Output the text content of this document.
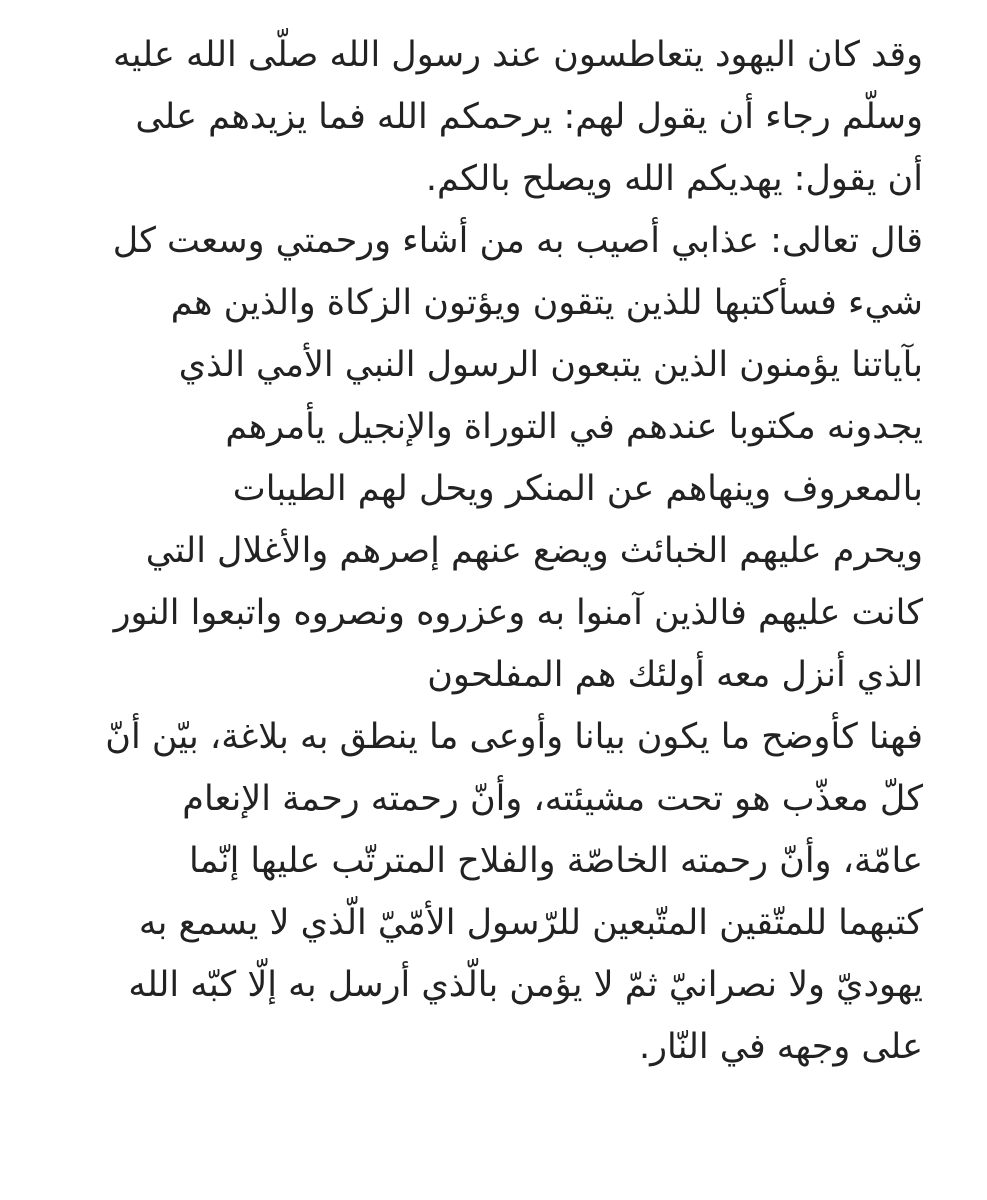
وقد كان اليهود يتعاطسون عند رسول الله صلّى الله عليه
وسلّم رجاء أن يقول لهم: يرحمكم الله فما يزيدهم على
أن يقول: يهديكم الله ويصلح بالكم.
قال تعالى: عذابي أصيب به من أشاء ورحمتي وسعت كل
شيء فسأكتبها للذين يتقون ويؤتون الزكاة والذين هم
بآياتنا يؤمنون الذين يتبعون الرسول النبي الأمي الذي
يجدونه مكتوبا عندهم في التوراة والإنجيل يأمرهم
بالمعروف وينهاهم عن المنكر ويحل لهم الطيبات
ويحرم عليهم الخبائث ويضع عنهم إصرهم والأغلال التي
كانت عليهم فالذين آمنوا به وعزروه ونصروه واتبعوا النور
الذي أنزل معه أولئك هم المفلحون
فهنا كأوضح ما يكون بيانا وأوعى ما ينطق به بلاغة، بيّن أنّ
كلّ معذّب هو تحت مشيئته، وأنّ رحمته رحمة الإنعام
عامّة، وأنّ رحمته الخاصّة والفلاح المترتّب عليها إنّما
كتبهما للمتّقين المتّبعين للرّسول الأمّيّ الّذي لا يسمع به
يهوديّ ولا نصرانيّ ثمّ لا يؤمن بالّذي أرسل به إلّا كبّه الله
على وجهه في النّار.
